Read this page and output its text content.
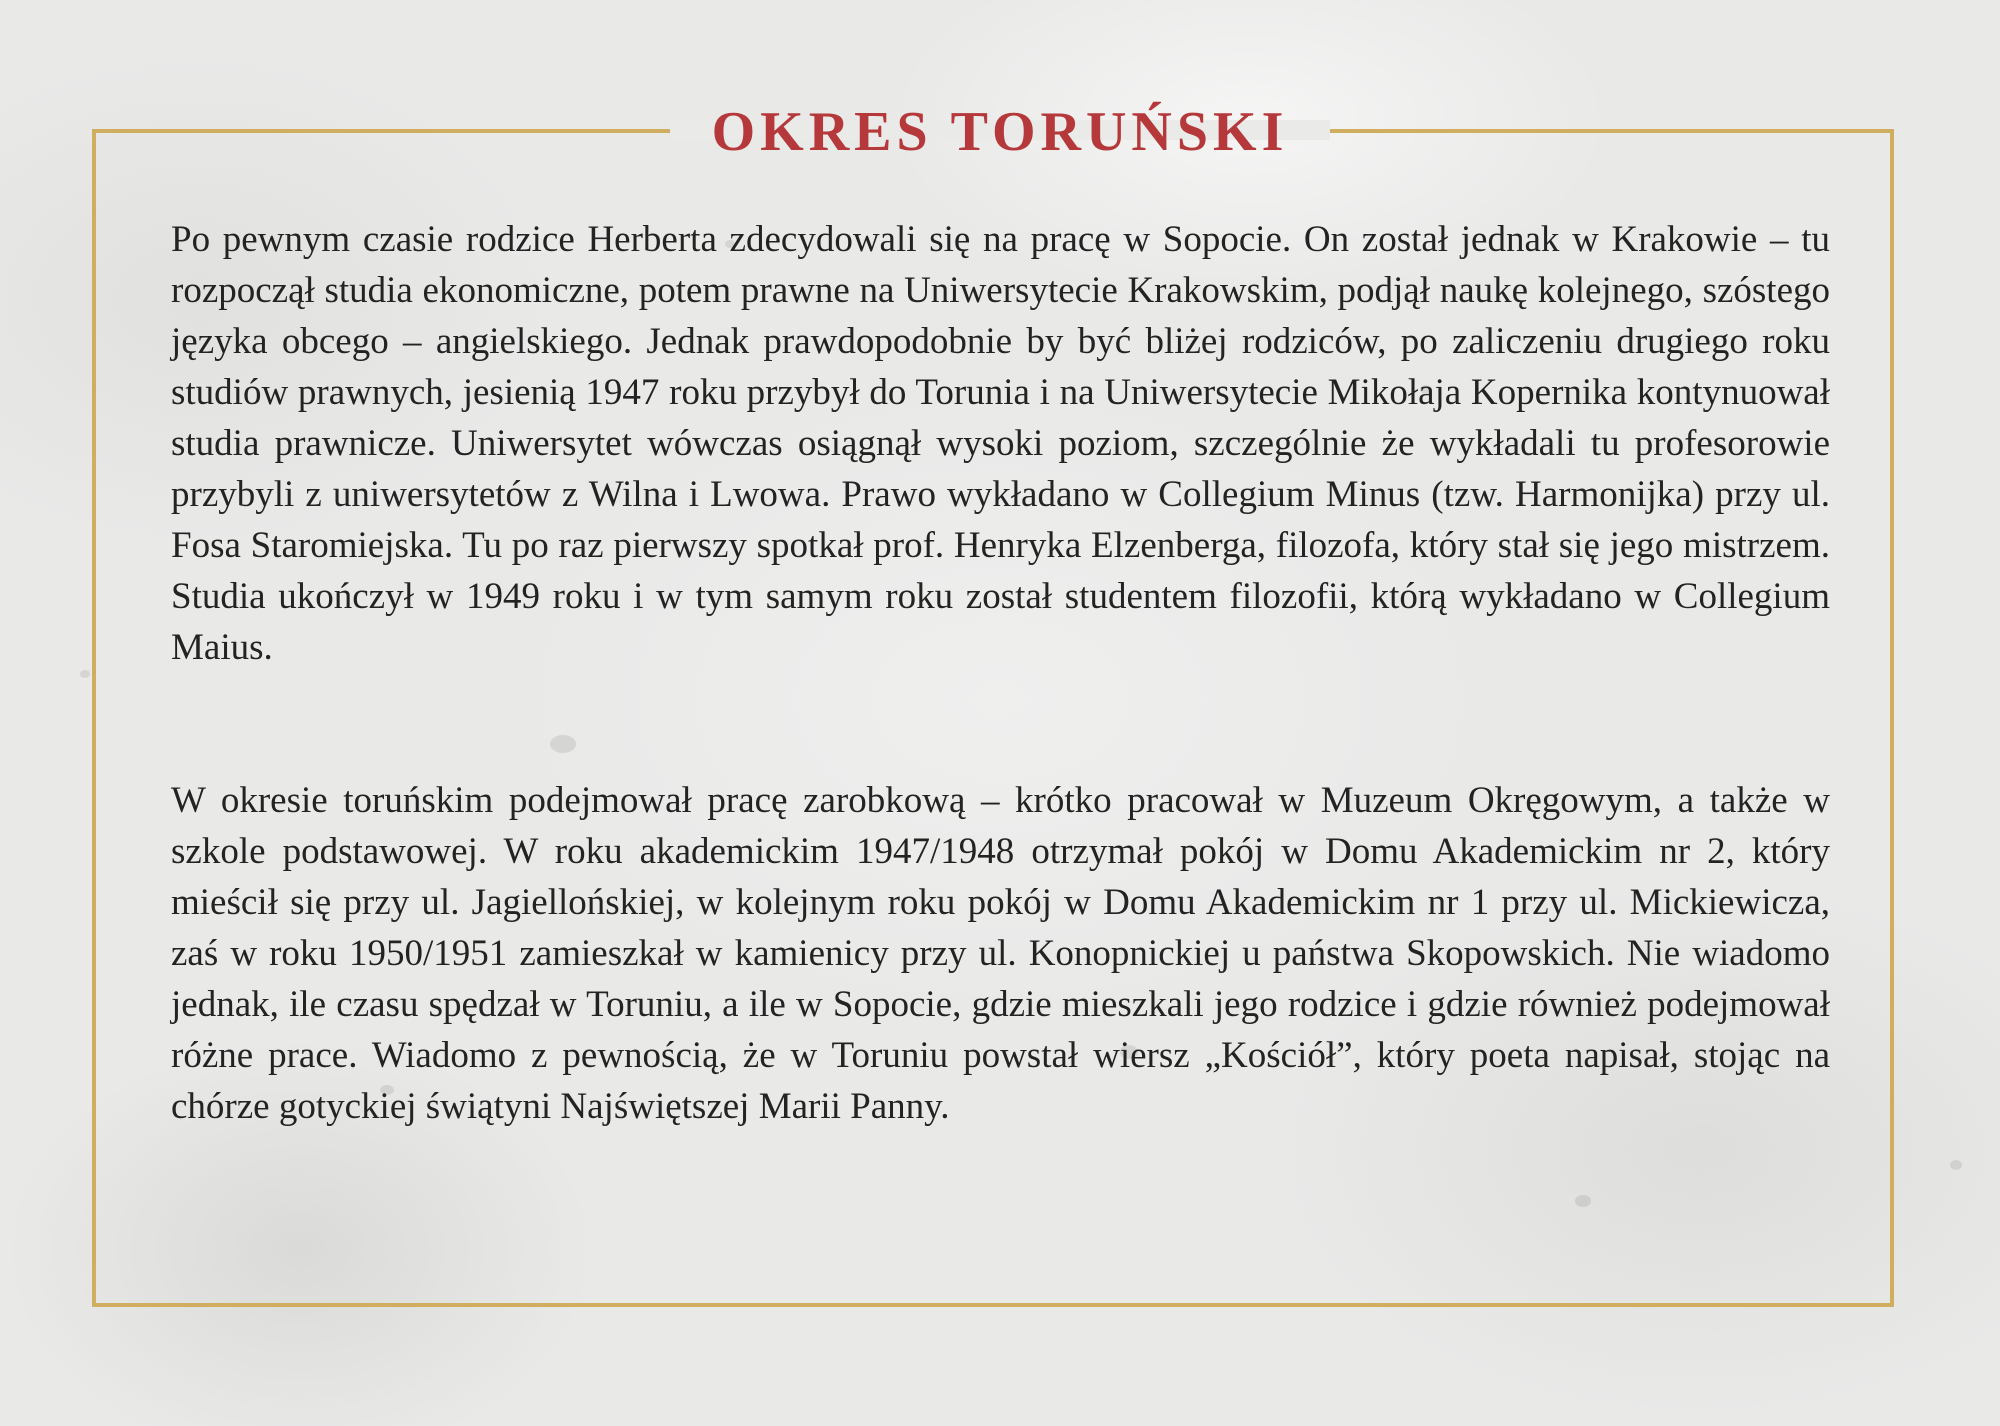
OKRES TORUŃSKI

Po pewnym czasie rodzice Herberta zdecydowali się na pracę w Sopocie. On został jednak w Krakowie – tu rozpoczął studia ekonomiczne, potem prawne na Uniwersytecie Krakowskim, podjął naukę kolejnego, szóstego języka obcego – angielskiego. Jednak prawdopodobnie by być bliżej rodziców, po zaliczeniu drugiego roku studiów prawnych, jesienią 1947 roku przybył do Torunia i na Uniwersytecie Mikołaja Kopernika kontynuował studia prawnicze. Uniwersytet wówczas osiągnął wysoki poziom, szczególnie że wykładali tu profesorowie przybyli z uniwersytetów z Wilna i Lwowa. Prawo wykładano w Collegium Minus (tzw. Harmonijka) przy ul. Fosa Staromiejska. Tu po raz pierwszy spotkał prof. Henryka Elzenberga, filozofa, który stał się jego mistrzem. Studia ukończył w 1949 roku i w tym samym roku został studentem filozofii, którą wykładano w Collegium Maius.

W okresie toruńskim podejmował pracę zarobkową – krótko pracował w Muzeum Okręgowym, a także w szkole podstawowej. W roku akademickim 1947/1948 otrzymał pokój w Domu Akademickim nr 2, który mieścił się przy ul. Jagiellońskiej, w kolejnym roku pokój w Domu Akademickim nr 1 przy ul. Mickiewicza, zaś w roku 1950/1951 zamieszkał w kamienicy przy ul. Konopnickiej u państwa Skopowskich. Nie wiadomo jednak, ile czasu spędzał w Toruniu, a ile w Sopocie, gdzie mieszkali jego rodzice i gdzie również podejmował różne prace. Wiadomo z pewnością, że w Toruniu powstał wiersz „Kościół”, który poeta napisał, stojąc na chórze gotyckiej świątyni Najświętszej Marii Panny.
